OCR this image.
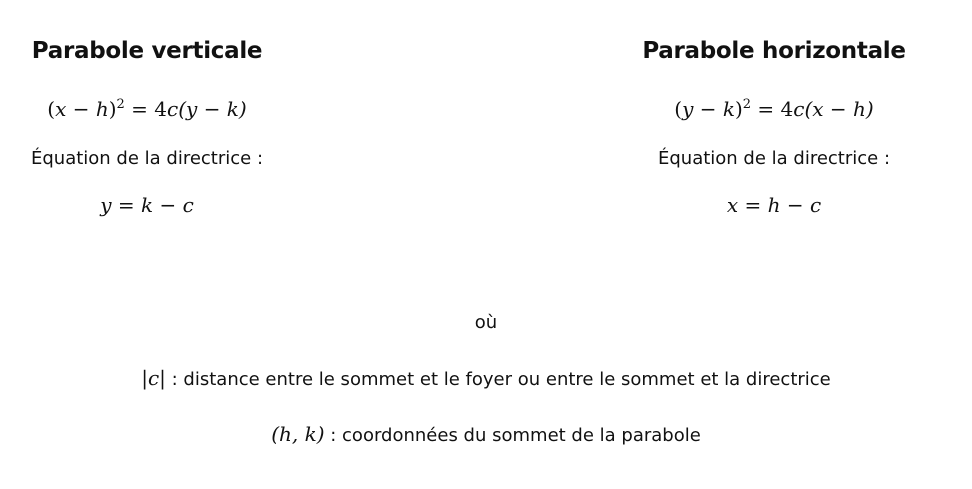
Parabole verticale
$(x - h)^2 = 4c(y - k)$
Équation de la directrice :
y = k − c
Parabole horizontale
$(y - k)^2 = 4c(x - h)$
Équation de la directrice :
x = h − c
où
|c| : distance entre le sommet et le foyer ou entre le sommet et la directrice
(h, k) : coordonnées du sommet de la parabole
